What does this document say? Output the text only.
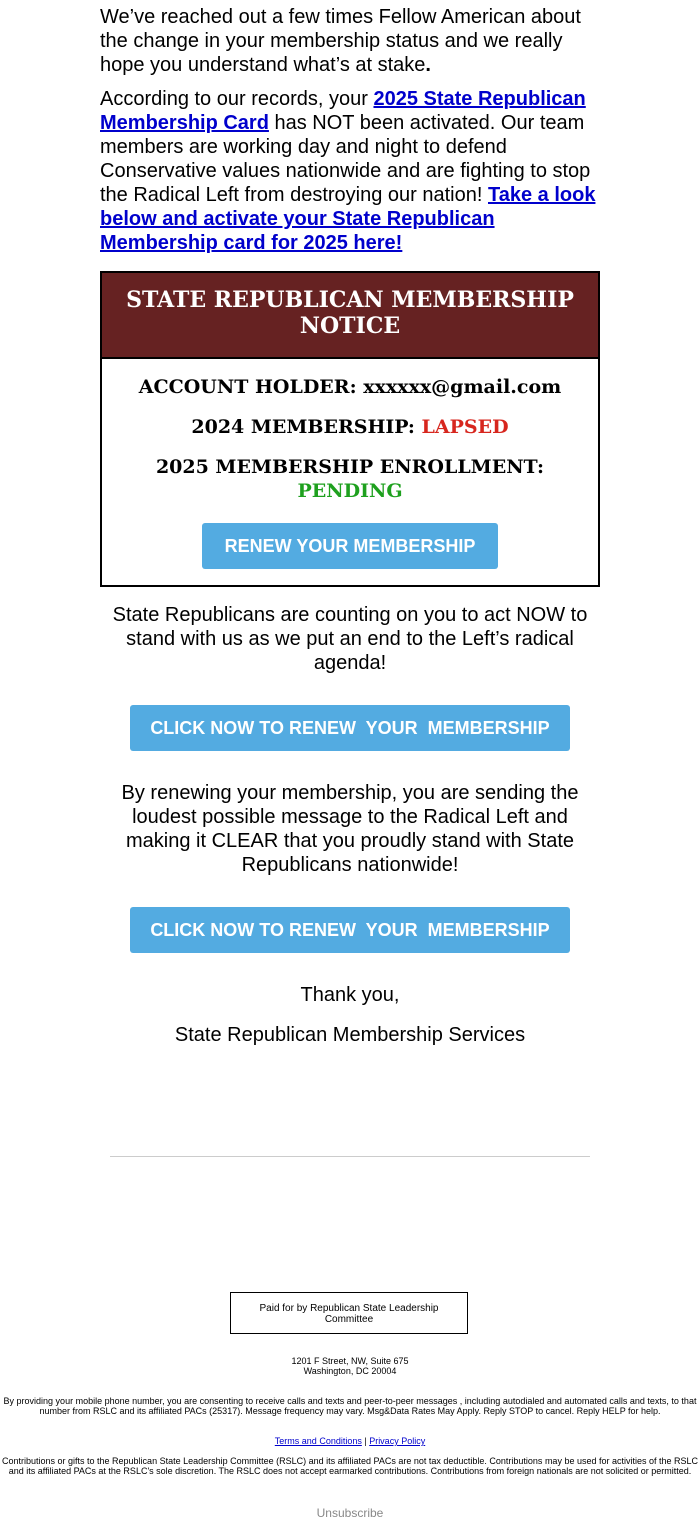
We’ve reached out a few times Fellow American about the change in your membership status and we really hope you understand what’s at stake.

According to our records, your 2025 State Republican Membership Card has NOT been activated. Our team members are working day and night to defend Conservative values nationwide and are fighting to stop the Radical Left from destroying our nation! Take a look below and activate your State Republican Membership card for 2025 here!

STATE REPUBLICAN MEMBERSHIP NOTICE
ACCOUNT HOLDER: xxxxxx@gmail.com
2024 MEMBERSHIP: LAPSED
2025 MEMBERSHIP ENROLLMENT:
PENDING
RENEW YOUR MEMBERSHIP

State Republicans are counting on you to act NOW to stand with us as we put an end to the Left’s radical agenda!

CLICK NOW TO RENEW  YOUR  MEMBERSHIP

By renewing your membership, you are sending the loudest possible message to the Radical Left and making it CLEAR that you proudly stand with State Republicans nationwide!

CLICK NOW TO RENEW  YOUR  MEMBERSHIP
Thank you,
State Republican Membership Services
Paid for by Republican State Leadership Committee
1201 F Street, NW, Suite 675
Washington, DC 20004
By providing your mobile phone number, you are consenting to receive calls and texts and peer-to-peer messages , including autodialed and automated calls and texts, to that number from RSLC and its affiliated PACs (25317). Message frequency may vary. Msg&Data Rates May Apply. Reply STOP to cancel. Reply HELP for help.
Terms and Conditions | Privacy Policy
Contributions or gifts to the Republican State Leadership Committee (RSLC) and its affiliated PACs are not tax deductible. Contributions may be used for activities of the RSLC and its affiliated PACs at the RSLC's sole discretion. The RSLC does not accept earmarked contributions. Contributions from foreign nationals are not solicited or permitted.
Unsubscribe
